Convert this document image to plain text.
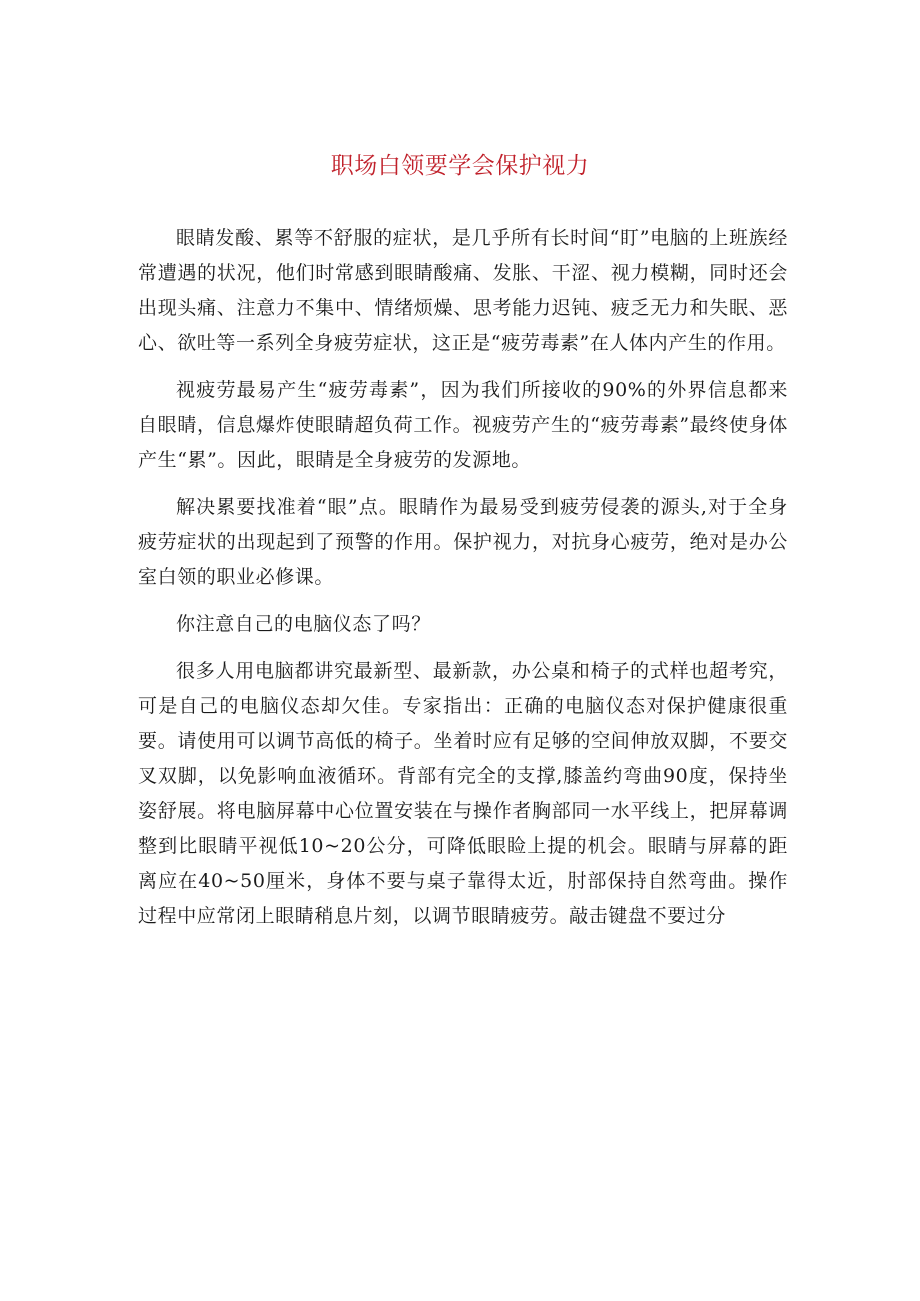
职场白领要学会保护视力

眼睛发酸、累等不舒服的症状，是几乎所有长时间“盯”电脑的上班族经常遭遇的状况，他们时常感到眼睛酸痛、发胀、干涩、视力模糊，同时还会出现头痛、注意力不集中、情绪烦燥、思考能力迟钝、疲乏无力和失眠、恶心、欲吐等一系列全身疲劳症状，这正是“疲劳毒素”在人体内产生的作用。

视疲劳最易产生“疲劳毒素”，因为我们所接收的90%的外界信息都来自眼睛，信息爆炸使眼睛超负荷工作。视疲劳产生的“疲劳毒素”最终使身体产生“累”。因此，眼睛是全身疲劳的发源地。

解决累要找准着“眼”点。眼睛作为最易受到疲劳侵袭的源头,对于全身疲劳症状的出现起到了预警的作用。保护视力，对抗身心疲劳，绝对是办公室白领的职业必修课。

你注意自己的电脑仪态了吗？

很多人用电脑都讲究最新型、最新款，办公桌和椅子的式样也超考究，可是自己的电脑仪态却欠佳。专家指出：正确的电脑仪态对保护健康很重要。请使用可以调节高低的椅子。坐着时应有足够的空间伸放双脚，不要交叉双脚，以免影响血液循环。背部有完全的支撑,膝盖约弯曲90度，保持坐姿舒展。将电脑屏幕中心位置安装在与操作者胸部同一水平线上，把屏幕调整到比眼睛平视低10~20公分，可降低眼睑上提的机会。眼睛与屏幕的距离应在40~50厘米，身体不要与桌子靠得太近，肘部保持自然弯曲。操作过程中应常闭上眼睛稍息片刻，以调节眼睛疲劳。敲击键盘不要过分
